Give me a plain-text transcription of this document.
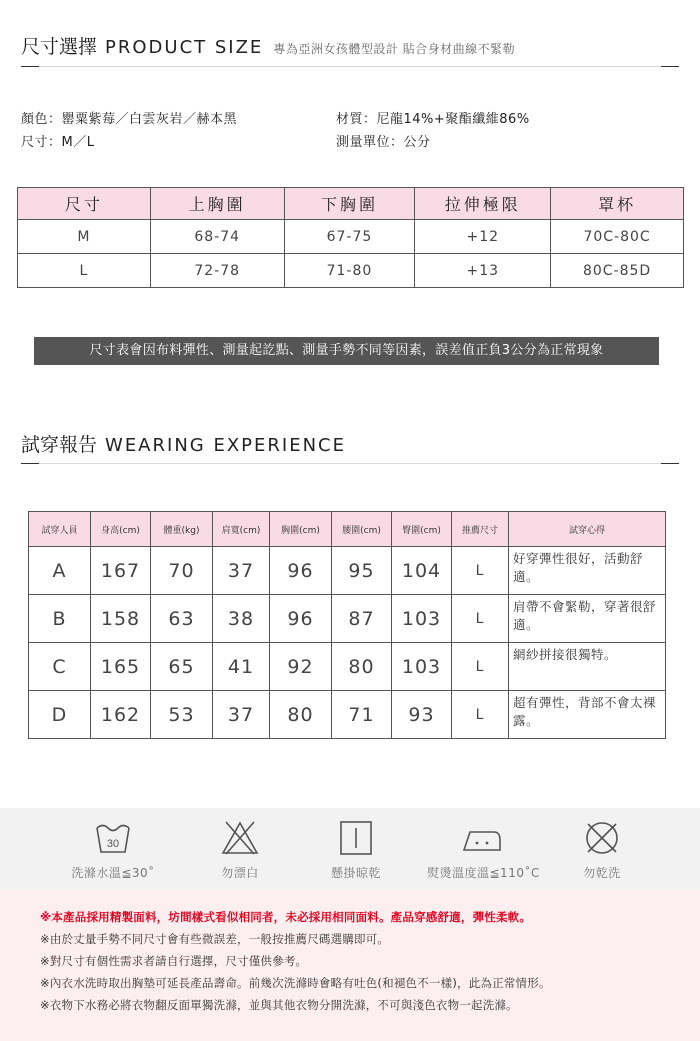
尺寸選擇 PRODUCT SIZE 專為亞洲女孩體型設計 貼合身材曲線不緊勒
顏色：罌粟紫莓／白雲灰岩／赫本黑
尺寸：M／L
材質：尼龍14%+聚酯纖維86%
測量單位：公分
尺寸	上胸圍	下胸圍	拉伸極限	罩杯
M	68-74	67-75	+12	70C-80C
L	72-78	71-80	+13	80C-85D
尺寸表會因布料彈性、測量起訖點、測量手勢不同等因素，誤差值正負3公分為正常現象
試穿報告 WEARING EXPERIENCE
試穿人員	身高(cm)	體重(kg)	肩寬(cm)	胸圍(cm)	腰圍(cm)	臀圍(cm)	推薦尺寸	試穿心得
A	167	70	37	96	95	104	L	好穿彈性很好，活動舒適。
B	158	63	38	96	87	103	L	肩帶不會緊勒，穿著很舒適。
C	165	65	41	92	80	103	L	網紗拼接很獨特。
D	162	53	37	80	71	93	L	超有彈性，背部不會太裸露。
30
洗滌水溫≦30˚	勿漂白	懸掛晾乾	熨燙溫度溫≦110˚C	勿乾洗
※本產品採用精製面料，坊間樣式看似相同者，未必採用相同面料。產品穿感舒適，彈性柔軟。
※由於丈量手勢不同尺寸會有些微誤差，一般按推薦尺碼選購即可。
※對尺寸有個性需求者請自行選擇，尺寸僅供參考。
※內衣水洗時取出胸墊可延長產品壽命。前幾次洗滌時會略有吐色(和褪色不一樣)，此為正常情形。
※衣物下水務必將衣物翻反面單獨洗滌，並與其他衣物分開洗滌，不可與淺色衣物一起洗滌。
